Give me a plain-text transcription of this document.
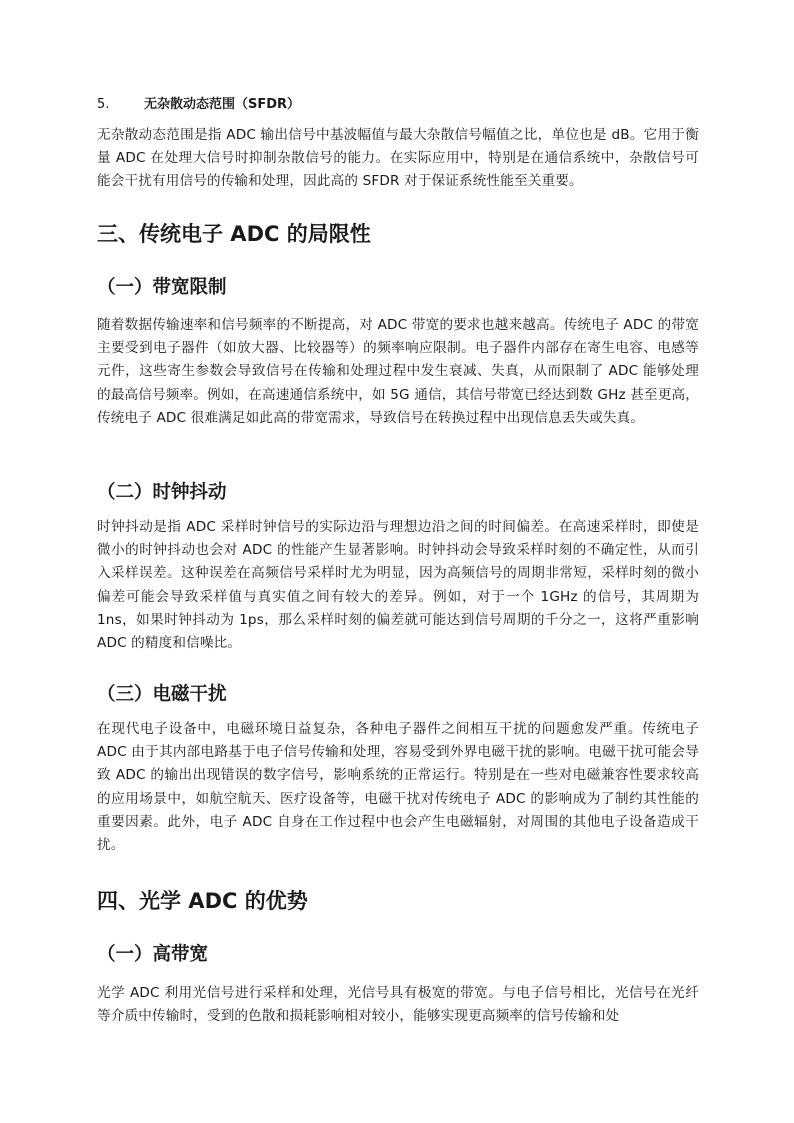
5.	无杂散动态范围（SFDR）

无杂散动态范围是指 ADC 输出信号中基波幅值与最大杂散信号幅值之比，单位也是 dB。它用于衡量 ADC 在处理大信号时抑制杂散信号的能力。在实际应用中，特别是在通信系统中，杂散信号可能会干扰有用信号的传输和处理，因此高的 SFDR 对于保证系统性能至关重要。

三、传统电子 ADC 的局限性
（一）带宽限制

随着数据传输速率和信号频率的不断提高，对 ADC 带宽的要求也越来越高。传统电子 ADC 的带宽主要受到电子器件（如放大器、比较器等）的频率响应限制。电子器件内部存在寄生电容、电感等元件，这些寄生参数会导致信号在传输和处理过程中发生衰减、失真，从而限制了 ADC 能够处理的最高信号频率。例如，在高速通信系统中，如 5G 通信，其信号带宽已经达到数 GHz 甚至更高，传统电子 ADC 很难满足如此高的带宽需求，导致信号在转换过程中出现信息丢失或失真。

（二）时钟抖动

时钟抖动是指 ADC 采样时钟信号的实际边沿与理想边沿之间的时间偏差。在高速采样时，即使是微小的时钟抖动也会对 ADC 的性能产生显著影响。时钟抖动会导致采样时刻的不确定性，从而引入采样误差。这种误差在高频信号采样时尤为明显，因为高频信号的周期非常短，采样时刻的微小偏差可能会导致采样值与真实值之间有较大的差异。例如，对于一个 1GHz 的信号，其周期为 1ns，如果时钟抖动为 1ps，那么采样时刻的偏差就可能达到信号周期的千分之一，这将严重影响 ADC 的精度和信噪比。

（三）电磁干扰

在现代电子设备中，电磁环境日益复杂，各种电子器件之间相互干扰的问题愈发严重。传统电子 ADC 由于其内部电路基于电子信号传输和处理，容易受到外界电磁干扰的影响。电磁干扰可能会导致 ADC 的输出出现错误的数字信号，影响系统的正常运行。特别是在一些对电磁兼容性要求较高的应用场景中，如航空航天、医疗设备等，电磁干扰对传统电子 ADC 的影响成为了制约其性能的重要因素。此外，电子 ADC 自身在工作过程中也会产生电磁辐射，对周围的其他电子设备造成干扰。

四、光学 ADC 的优势
（一）高带宽

光学 ADC 利用光信号进行采样和处理，光信号具有极宽的带宽。与电子信号相比，光信号在光纤等介质中传输时，受到的色散和损耗影响相对较小，能够实现更高频率的信号传输和处
